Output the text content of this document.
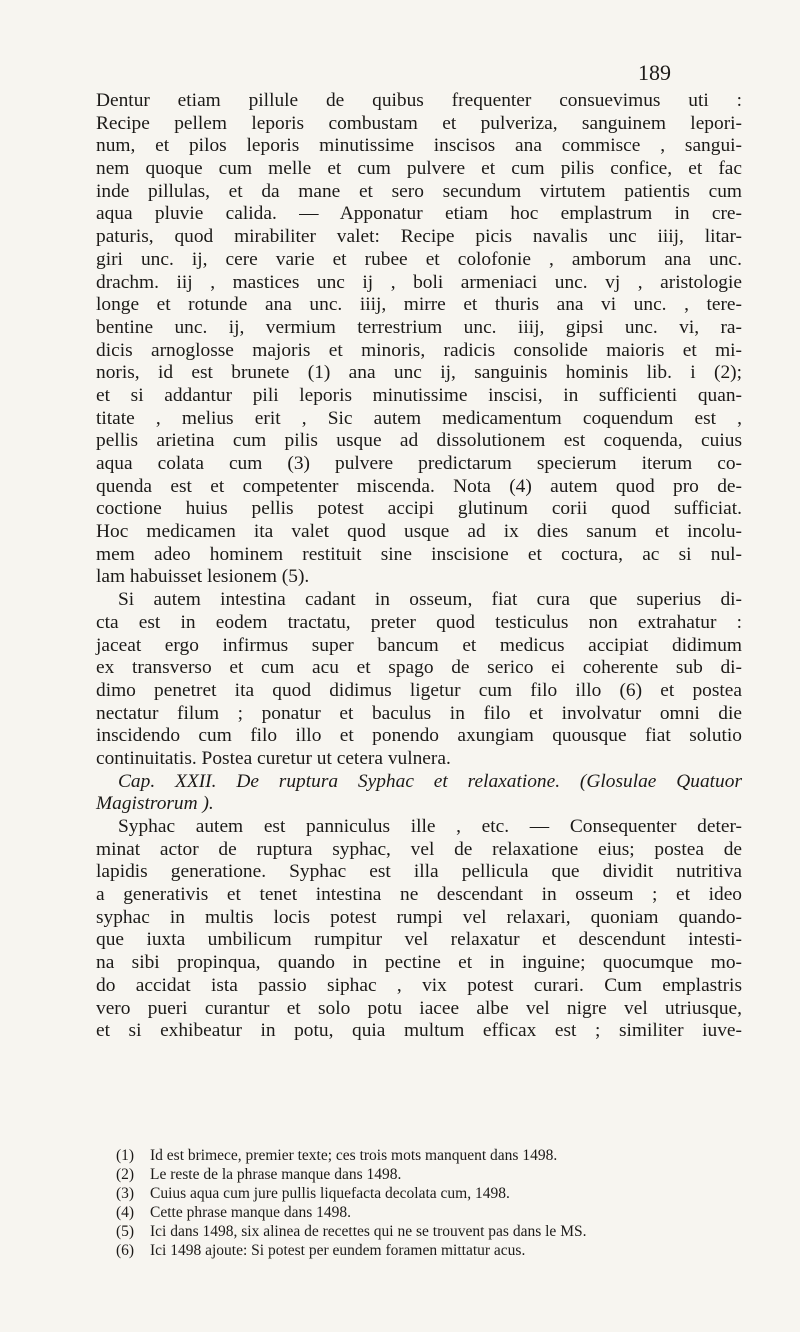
189
Dentur etiam pillule de quibus frequenter consuevimus uti :
Recipe pellem leporis combustam et pulveriza, sanguinem lepori-
num, et pilos leporis minutissime inscisos ana commisce , sangui-
nem quoque cum melle et cum pulvere et cum pilis confice, et fac
inde pillulas, et da mane et sero secundum virtutem patientis cum
aqua pluvie calida. — Apponatur etiam hoc emplastrum in cre-
paturis, quod mirabiliter valet: Recipe picis navalis unc iiij, litar-
giri unc. ij, cere varie et rubee et colofonie , amborum ana unc.
drachm. iij , mastices unc ij , boli armeniaci unc. vj , aristologie
longe et rotunde ana unc. iiij, mirre et thuris ana vi unc. , tere-
bentine unc. ij, vermium terrestrium unc. iiij, gipsi unc. vi, ra-
dicis arnoglosse majoris et minoris, radicis consolide maioris et mi-
noris, id est brunete (1) ana unc ij, sanguinis hominis lib. i (2);
et si addantur pili leporis minutissime inscisi, in sufficienti quan-
titate , melius erit , Sic autem medicamentum coquendum est ,
pellis arietina cum pilis usque ad dissolutionem est coquenda, cuius
aqua colata cum (3) pulvere predictarum specierum iterum co-
quenda est et competenter miscenda. Nota (4) autem quod pro de-
coctione huius pellis potest accipi glutinum corii quod sufficiat.
Hoc medicamen ita valet quod usque ad ix dies sanum et incolu-
mem adeo hominem restituit sine inscisione et coctura, ac si nul-
lam habuisset lesionem (5).
Si autem intestina cadant in osseum, fiat cura que superius di-
cta est in eodem tractatu, preter quod testiculus non extrahatur :
jaceat ergo infirmus super bancum et medicus accipiat didimum
ex transverso et cum acu et spago de serico ei coherente sub di-
dimo penetret ita quod didimus ligetur cum filo illo (6) et postea
nectatur filum ; ponatur et baculus in filo et involvatur omni die
inscidendo cum filo illo et ponendo axungiam quousque fiat solutio
continuitatis. Postea curetur ut cetera vulnera.
Cap. XXII. De ruptura Syphac et relaxatione. (Glosulae Quatuor
Magistrorum ).
Syphac autem est panniculus ille , etc. — Consequenter deter-
minat actor de ruptura syphac, vel de relaxatione eius; postea de
lapidis generatione. Syphac est illa pellicula que dividit nutritiva
a generativis et tenet intestina ne descendant in osseum ; et ideo
syphac in multis locis potest rumpi vel relaxari, quoniam quando-
que iuxta umbilicum rumpitur vel relaxatur et descendunt intesti-
na sibi propinqua, quando in pectine et in inguine; quocumque mo-
do accidat ista passio siphac , vix potest curari. Cum emplastris
vero pueri curantur et solo potu iacee albe vel nigre vel utriusque,
et si exhibeatur in potu, quia multum efficax est ; similiter iuve-
(1) Id est brimece, premier texte; ces trois mots manquent dans 1498.
(2) Le reste de la phrase manque dans 1498.
(3) Cuius aqua cum jure pullis liquefacta decolata cum, 1498.
(4) Cette phrase manque dans 1498.
(5) Ici dans 1498, six alinea de recettes qui ne se trouvent pas dans le MS.
(6) Ici 1498 ajoute: Si potest per eundem foramen mittatur acus.
